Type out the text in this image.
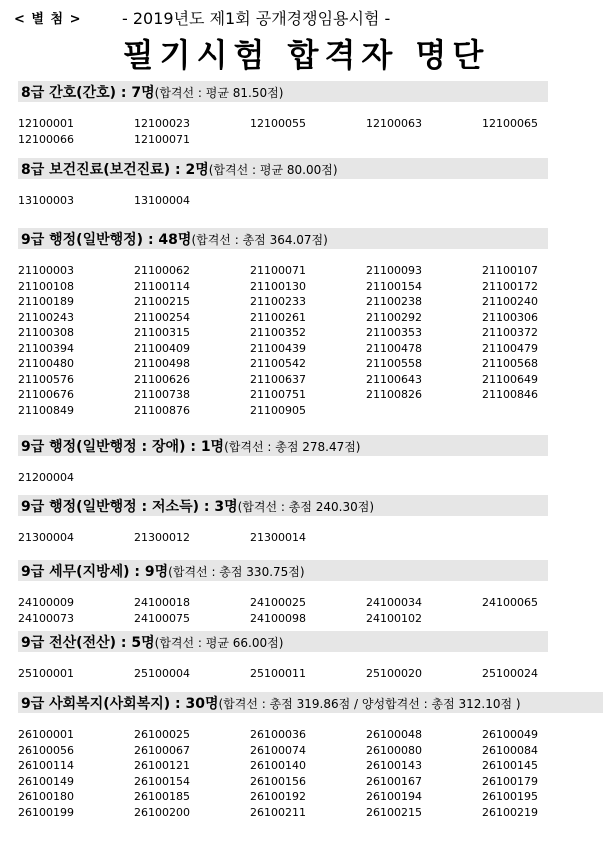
< 별 첨 >	- 2019년도 제1회 공개경쟁임용시험 -
필기시험 합격자 명단
8급 간호(간호) : 7명(합격선 : 평균 81.50점)
12100001	12100023	12100055	12100063	12100065
12100066	12100071
8급 보건진료(보건진료) : 2명(합격선 : 평균 80.00점)
13100003	13100004
9급 행정(일반행정) : 48명(합격선 : 총점 364.07점)
21100003	21100062	21100071	21100093	21100107
21100108	21100114	21100130	21100154	21100172
21100189	21100215	21100233	21100238	21100240
21100243	21100254	21100261	21100292	21100306
21100308	21100315	21100352	21100353	21100372
21100394	21100409	21100439	21100478	21100479
21100480	21100498	21100542	21100558	21100568
21100576	21100626	21100637	21100643	21100649
21100676	21100738	21100751	21100826	21100846
21100849	21100876	21100905
9급 행정(일반행정 : 장애) : 1명(합격선 : 총점 278.47점)
21200004
9급 행정(일반행정 : 저소득) : 3명(합격선 : 총점 240.30점)
21300004	21300012	21300014
9급 세무(지방세) : 9명(합격선 : 총점 330.75점)
24100009	24100018	24100025	24100034	24100065
24100073	24100075	24100098	24100102
9급 전산(전산) : 5명(합격선 : 평균 66.00점)
25100001	25100004	25100011	25100020	25100024
9급 사회복지(사회복지) : 30명(합격선 : 총점 319.86점 / 양성합격선 : 총점 312.10점 )
26100001	26100025	26100036	26100048	26100049
26100056	26100067	26100074	26100080	26100084
26100114	26100121	26100140	26100143	26100145
26100149	26100154	26100156	26100167	26100179
26100180	26100185	26100192	26100194	26100195
26100199	26100200	26100211	26100215	26100219
